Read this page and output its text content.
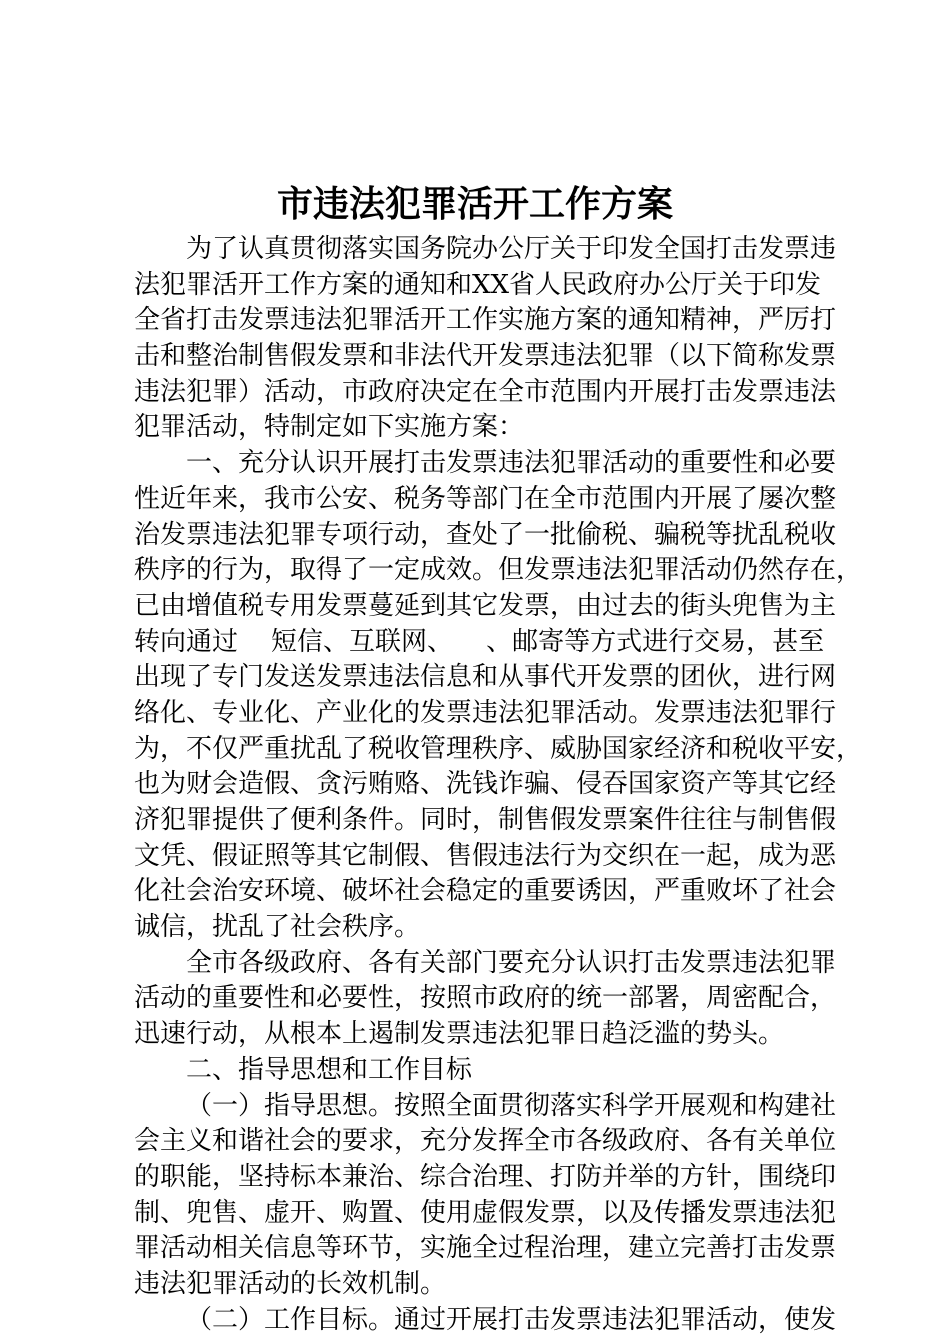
市违法犯罪活开工作方案
为了认真贯彻落实国务院办公厅关于印发全国打击发票违
法犯罪活开工作方案的通知和XX省人民政府办公厅关于印发
全省打击发票违法犯罪活开工作实施方案的通知精神，严厉打
击和整治制售假发票和非法代开发票违法犯罪（以下简称发票
违法犯罪）活动，市政府决定在全市范围内开展打击发票违法
犯罪活动，特制定如下实施方案：
一、充分认识开展打击发票违法犯罪活动的重要性和必要
性近年来，我市公安、税务等部门在全市范围内开展了屡次整
治发票违法犯罪专项行动，查处了一批偷税、骗税等扰乱税收
秩序的行为，取得了一定成效。但发票违法犯罪活动仍然存在，
已由增值税专用发票蔓延到其它发票，由过去的街头兜售为主
转向通过    短信、互联网、    、邮寄等方式进行交易，甚至
出现了专门发送发票违法信息和从事代开发票的团伙，进行网
络化、专业化、产业化的发票违法犯罪活动。发票违法犯罪行
为，不仅严重扰乱了税收管理秩序、威胁国家经济和税收平安，
也为财会造假、贪污贿赂、洗钱诈骗、侵吞国家资产等其它经
济犯罪提供了便利条件。同时，制售假发票案件往往与制售假
文凭、假证照等其它制假、售假违法行为交织在一起，成为恶
化社会治安环境、破坏社会稳定的重要诱因，严重败坏了社会
诚信，扰乱了社会秩序。
全市各级政府、各有关部门要充分认识打击发票违法犯罪
活动的重要性和必要性，按照市政府的统一部署，周密配合，
迅速行动，从根本上遏制发票违法犯罪日趋泛滥的势头。
二、指导思想和工作目标
（一）指导思想。按照全面贯彻落实科学开展观和构建社
会主义和谐社会的要求，充分发挥全市各级政府、各有关单位
的职能，坚持标本兼治、综合治理、打防并举的方针，围绕印
制、兜售、虚开、购置、使用虚假发票，以及传播发票违法犯
罪活动相关信息等环节，实施全过程治理，建立完善打击发票
违法犯罪活动的长效机制。
（二）工作目标。通过开展打击发票违法犯罪活动，使发
